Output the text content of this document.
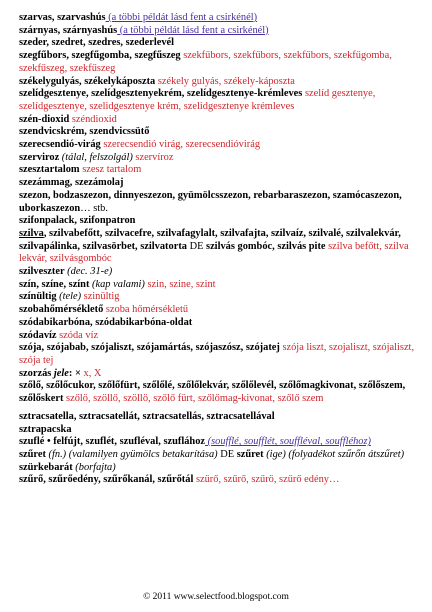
szarvas, szarvashús (a többi példát lásd fent a csirkénél)

szárnyas, szárnyashús (a többi példát lásd fent a csirkénél)

szeder, szedret, szedres, szederlevél

szegfűbors, szegfűgomba, szegfűszeg szekfűbors, szekfűbors, szekfűbors, szekfűgomba, szekfűszeg, szekfűszeg

székelygulyás, székelykáposzta székely gulyás, székely-káposzta

szelídgesztenye, szelídgesztenyekrém, szelídgesztenye-krémleves szelíd gesztenye, szelídgesztenye, szelidgesztenye krém, szelidgesztenye krémleves

szén-dioxid széndioxid

szendvicskrém, szendvicssütő

szerecsendió-virág szerecsendió virág, szerecsendióvirág

szerviroz (tálal, felszolgál) szervíroz

szesztartalom szesz tartalom

szezámmag, szezámolaj

szezon, bodzaszezon, dinnyeszezon, gyümölcsszezon, rebarbaraszezon, szamócaszezon, uborkaszezon… stb.

szifonpalack, szifonpatron

szilva, szilvabefőtt, szilvacefre, szilvafagylalt, szilvafajta, szilvaíz, szilvalé, szilvalekvár, szilvapálinka, szilvasörbet, szilvatorta DE szilvás gombóc, szilvás pite szilva befőtt, szilva lekvár, szilvásgombóc

szilveszter (dec. 31-e)

szín, színe, színt (kap valami) szin, szine, szint

színültig (tele) szinültig

szobahőmérséklető szoba hőmérsékletű

szódabikarbóna, szódabikarbóna-oldat

szódavíz szóda víz

szója, szójabab, szójaliszt, szójamártás, szójaszósz, szójatej szója liszt, szojaliszt, szójaliszt, szója tej

szorzás jele: × x, X

szőlő, szőlőcukor, szőlőfürt, szőlőlé, szőlőlekvár, szőlőlevél, szőlőmagkivonat, szőlőszem, szőlőskert szőlö, szöllő, szöllö, szőlő fürt, szőlőmag-kivonat, szőlő szem

sztracsatella, sztracsatellát, sztracsatellás, sztracsatellával

sztrapacska

szuflé • felfújt, szuflét, szufléval, szuflához (soufflé, soufflét, souffléval, souffléhoz)

szűret (fn.) (valamilyen gyümölcs betakarítása) DE szűret (ige) (folyadékot szűrőn átszűret)

szürkebarát (borfajta)

szűrő, szűrőedény, szűrőkanál, szűrőtál szürő, szűrő, szűrö, szűrő edény…

© 2011 www.selectfood.blogspot.com
